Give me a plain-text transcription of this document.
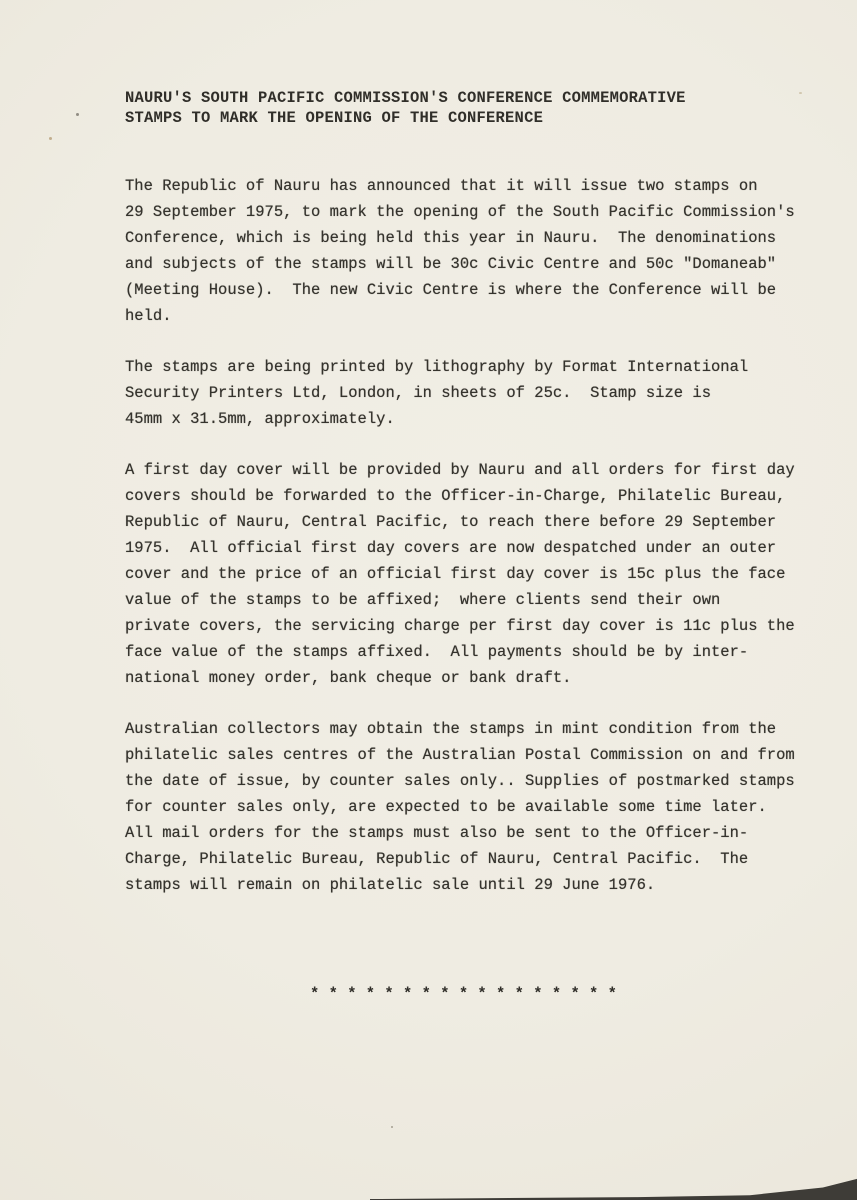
NAURU'S SOUTH PACIFIC COMMISSION'S CONFERENCE COMMEMORATIVE
STAMPS TO MARK THE OPENING OF THE CONFERENCE
The Republic of Nauru has announced that it will issue two stamps on
29 September 1975, to mark the opening of the South Pacific Commission's
Conference, which is being held this year in Nauru.  The denominations
and subjects of the stamps will be 30c Civic Centre and 50c "Domaneab"
(Meeting House).  The new Civic Centre is where the Conference will be
held.
The stamps are being printed by lithography by Format International
Security Printers Ltd, London, in sheets of 25c.  Stamp size is
45mm x 31.5mm, approximately.
A first day cover will be provided by Nauru and all orders for first day
covers should be forwarded to the Officer-in-Charge, Philatelic Bureau,
Republic of Nauru, Central Pacific, to reach there before 29 September
1975.  All official first day covers are now despatched under an outer
cover and the price of an official first day cover is 15c plus the face
value of the stamps to be affixed;  where clients send their own
private covers, the servicing charge per first day cover is 11c plus the
face value of the stamps affixed.  All payments should be by inter-
national money order, bank cheque or bank draft.
Australian collectors may obtain the stamps in mint condition from the
philatelic sales centres of the Australian Postal Commission on and from
the date of issue, by counter sales only.. Supplies of postmarked stamps
for counter sales only, are expected to be available some time later.
All mail orders for the stamps must also be sent to the Officer-in-
Charge, Philatelic Bureau, Republic of Nauru, Central Pacific.  The
stamps will remain on philatelic sale until 29 June 1976.
* * * * * * * * * * * * * * * * *
